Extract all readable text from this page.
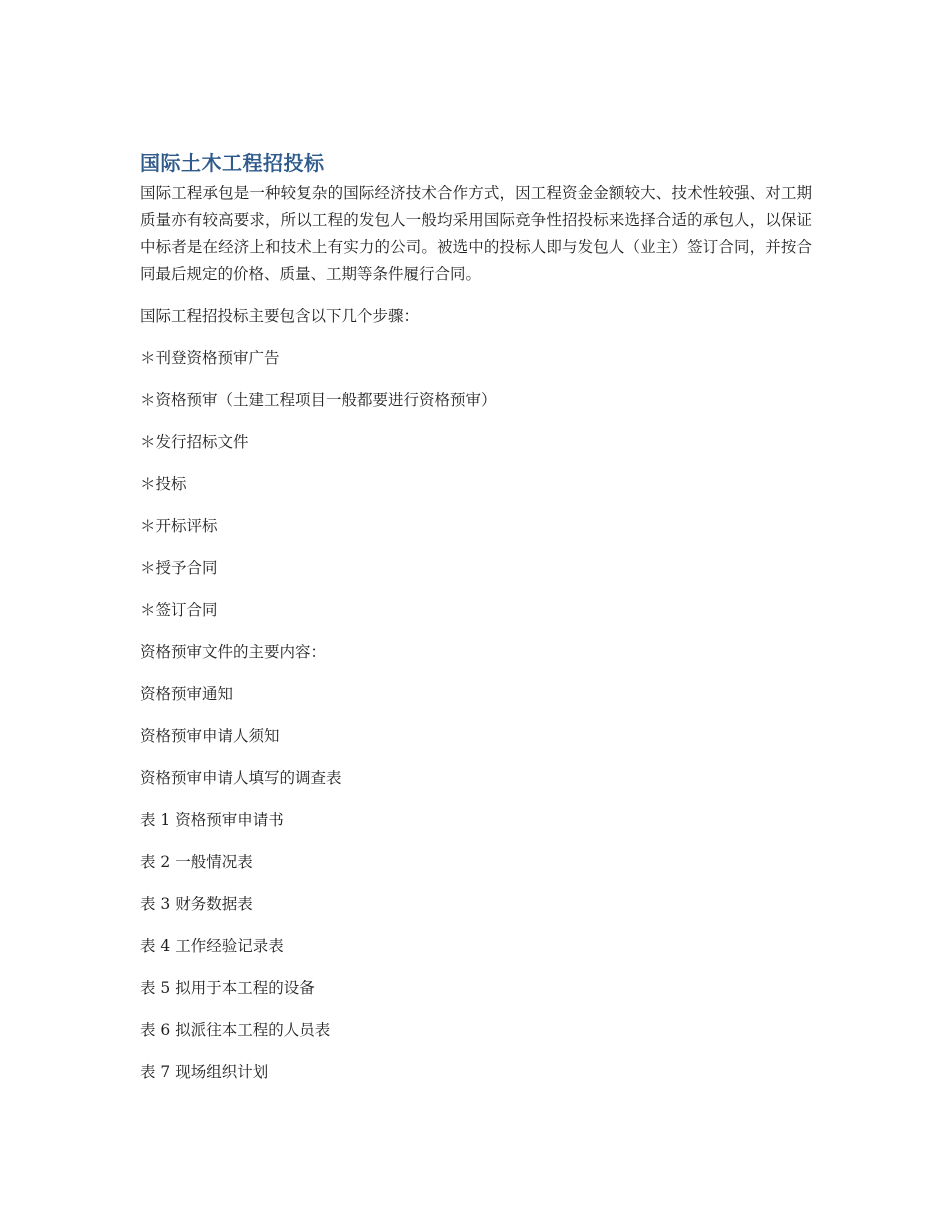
国际土木工程招投标

国际工程承包是一种较复杂的国际经济技术合作方式，因工程资金金额较大、技术性较强、对工期质量亦有较高要求，所以工程的发包人一般均采用国际竞争性招投标来选择合适的承包人，以保证中标者是在经济上和技术上有实力的公司。被选中的投标人即与发包人（业主）签订合同，并按合同最后规定的价格、质量、工期等条件履行合同。

国际工程招投标主要包含以下几个步骤：

＊刊登资格预审广告

＊资格预审（土建工程项目一般都要进行资格预审）

＊发行招标文件

＊投标

＊开标评标

＊授予合同

＊签订合同

资格预审文件的主要内容：

资格预审通知

资格预审申请人须知

资格预审申请人填写的调查表

表 1 资格预审申请书

表 2 一般情况表

表 3 财务数据表

表 4 工作经验记录表

表 5 拟用于本工程的设备

表 6 拟派往本工程的人员表

表 7 现场组织计划
